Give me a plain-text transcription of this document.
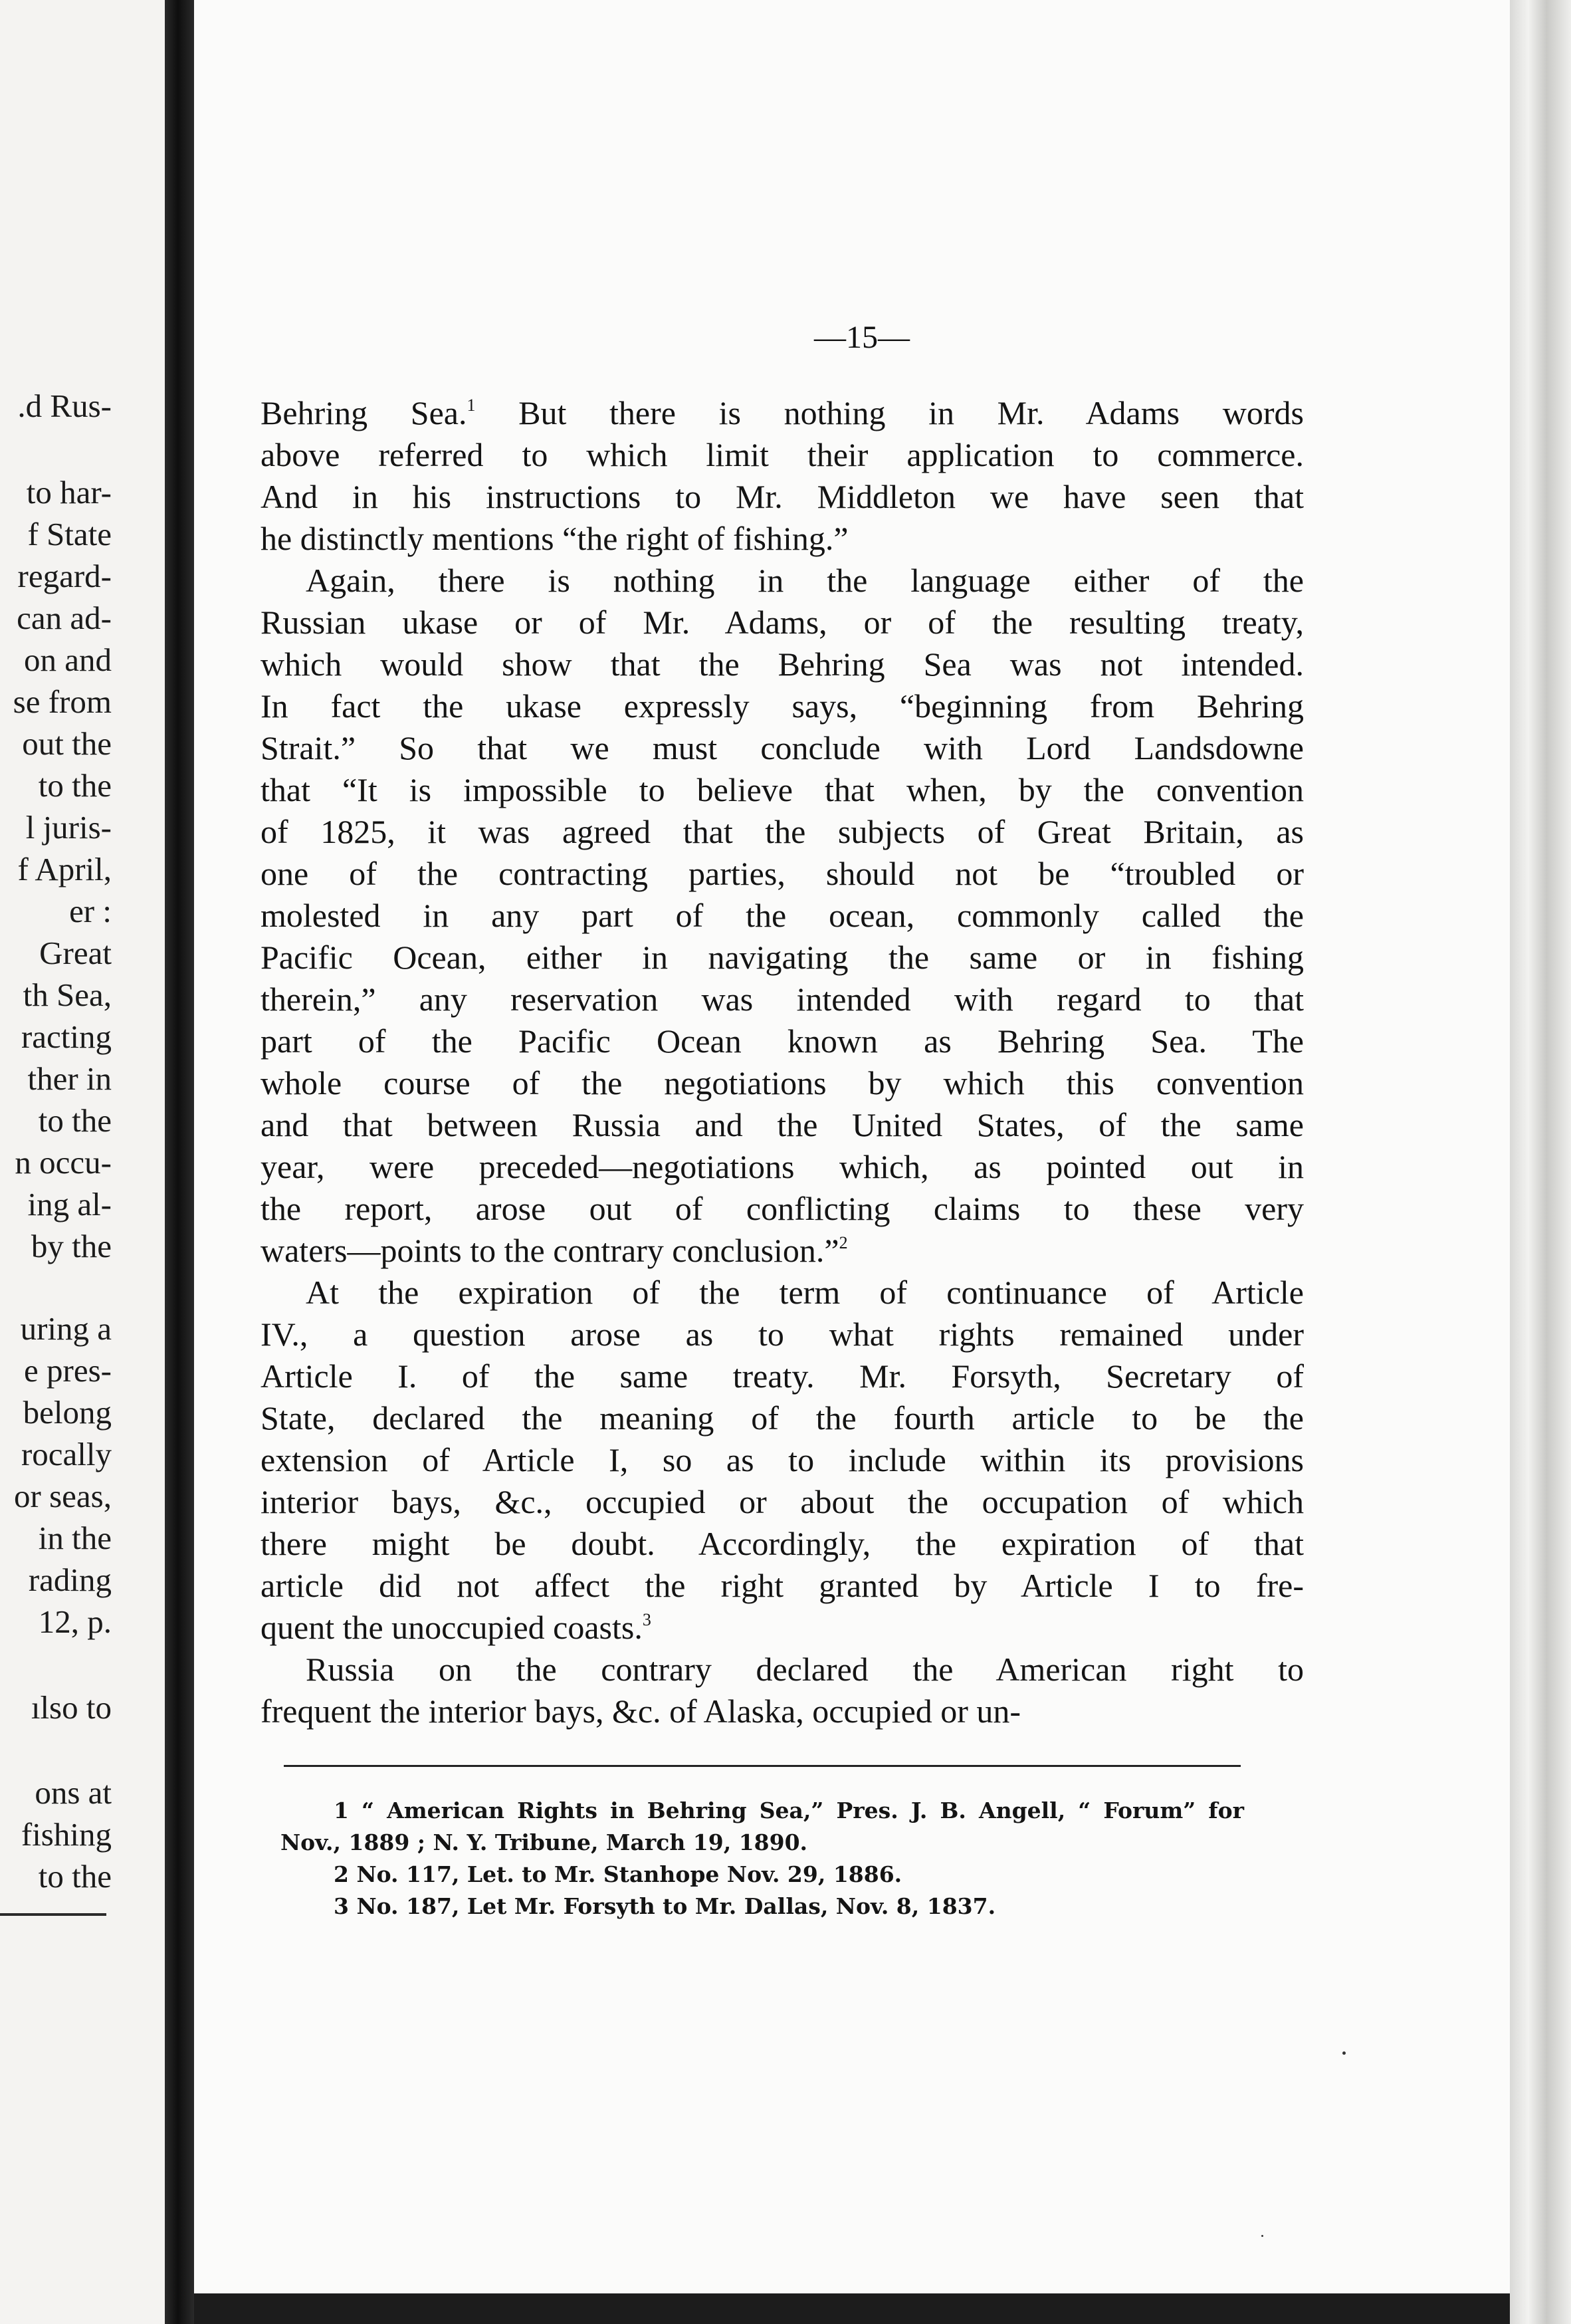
.d Rus-
to har-
f State
regard-
can ad-
on and
se from
out the
to the
l juris-
f April,
er :
Great
th Sea,
racting
ther in
to the
n occu-
ing al-
by the
uring a
e pres-
belong
rocally
or seas,
in the
rading
12, p.
ılso to
ons at
fishing
to the
—15—
Behring Sea.$^1$ But there is nothing in Mr. Adams words
above referred to which limit their application to commerce.
And in his instructions to Mr. Middleton we have seen that
he distinctly mentions “the right of fishing.”
Again, there is nothing in the language either of the
Russian ukase or of Mr. Adams, or of the resulting treaty,
which would show that the Behring Sea was not intended.
In fact the ukase expressly says, “beginning from Behring
Strait.” So that we must conclude with Lord Landsdowne
that “It is impossible to believe that when, by the convention
of 1825, it was agreed that the subjects of Great Britain, as
one of the contracting parties, should not be “troubled or
molested in any part of the ocean, commonly called the
Pacific Ocean, either in navigating the same or in fishing
therein,” any reservation was intended with regard to that
part of the Pacific Ocean known as Behring Sea. The
whole course of the negotiations by which this convention
and that between Russia and the United States, of the same
year, were preceded—negotiations which, as pointed out in
the report, arose out of conflicting claims to these very
waters—points to the contrary conclusion.”$^2$
At the expiration of the term of continuance of Article
IV., a question arose as to what rights remained under
Article I. of the same treaty. Mr. Forsyth, Secretary of
State, declared the meaning of the fourth article to be the
extension of Article I, so as to include within its provisions
interior bays, &c., occupied or about the occupation of which
there might be doubt. Accordingly, the expiration of that
article did not affect the right granted by Article I to fre-
quent the unoccupied coasts.$^3$
Russia on the contrary declared the American right to
frequent the interior bays, &c. of Alaska, occupied or un-
1 “ American Rights in Behring Sea,” Pres. J. B. Angell, “ Forum” for
Nov., 1889 ; N. Y. Tribune, March 19, 1890.
2 No. 117, Let. to Mr. Stanhope Nov. 29, 1886.
3 No. 187, Let Mr. Forsyth to Mr. Dallas, Nov. 8, 1837.
